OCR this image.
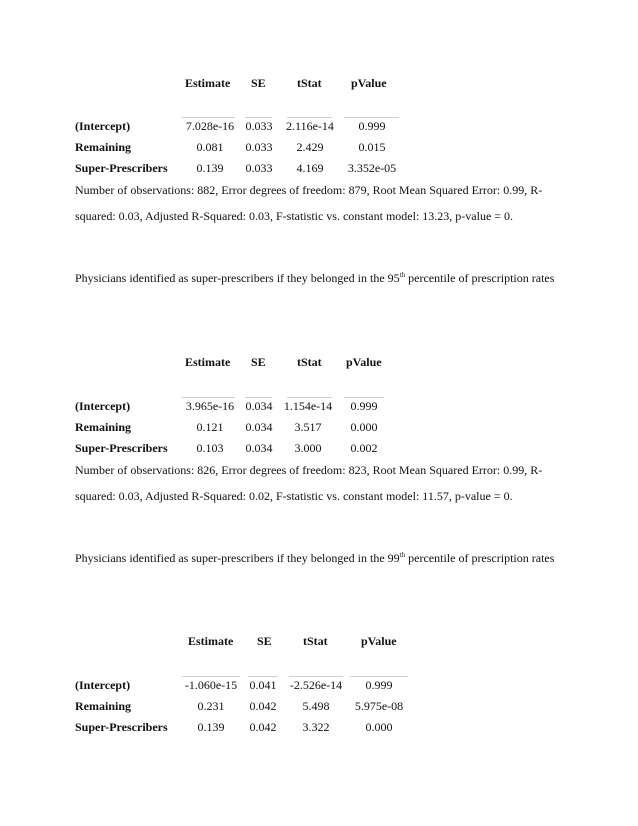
Estimate SE	tStat pValue
(Intercept)	7.028e-16 0.033	2.116e-14	0.999
Remaining	0.081	0.033	2.429	0.015
Super-Prescribers	0.139	0.033	4.169	3.352e-05
Number of observations: 882, Error degrees of freedom: 879, Root Mean Squared Error: 0.99, R-squared: 0.03, Adjusted R-Squared: 0.03, F-statistic vs. constant model: 13.23, p-value = 0.
Physicians identified as super-prescribers if they belonged in the 95th percentile of prescription rates
Estimate SE	tStat pValue
(Intercept)	3.965e-16 0.034 1.154e-14	0.999
Remaining	0.121	0.034	3.517	0.000
Super-Prescribers	0.103	0.034	3.000	0.002
Number of observations: 826, Error degrees of freedom: 823, Root Mean Squared Error: 0.99, R-squared: 0.03, Adjusted R-Squared: 0.02, F-statistic vs. constant model: 11.57, p-value = 0.
Physicians identified as super-prescribers if they belonged in the 99th percentile of prescription rates
Estimate SE	tStat	pValue
(Intercept)	-1.060e-15	0.041	-2.526e-14	0.999
Remaining	0.231	0.042	5.498	5.975e-08
Super-Prescribers	0.139	0.042	3.322	0.000
